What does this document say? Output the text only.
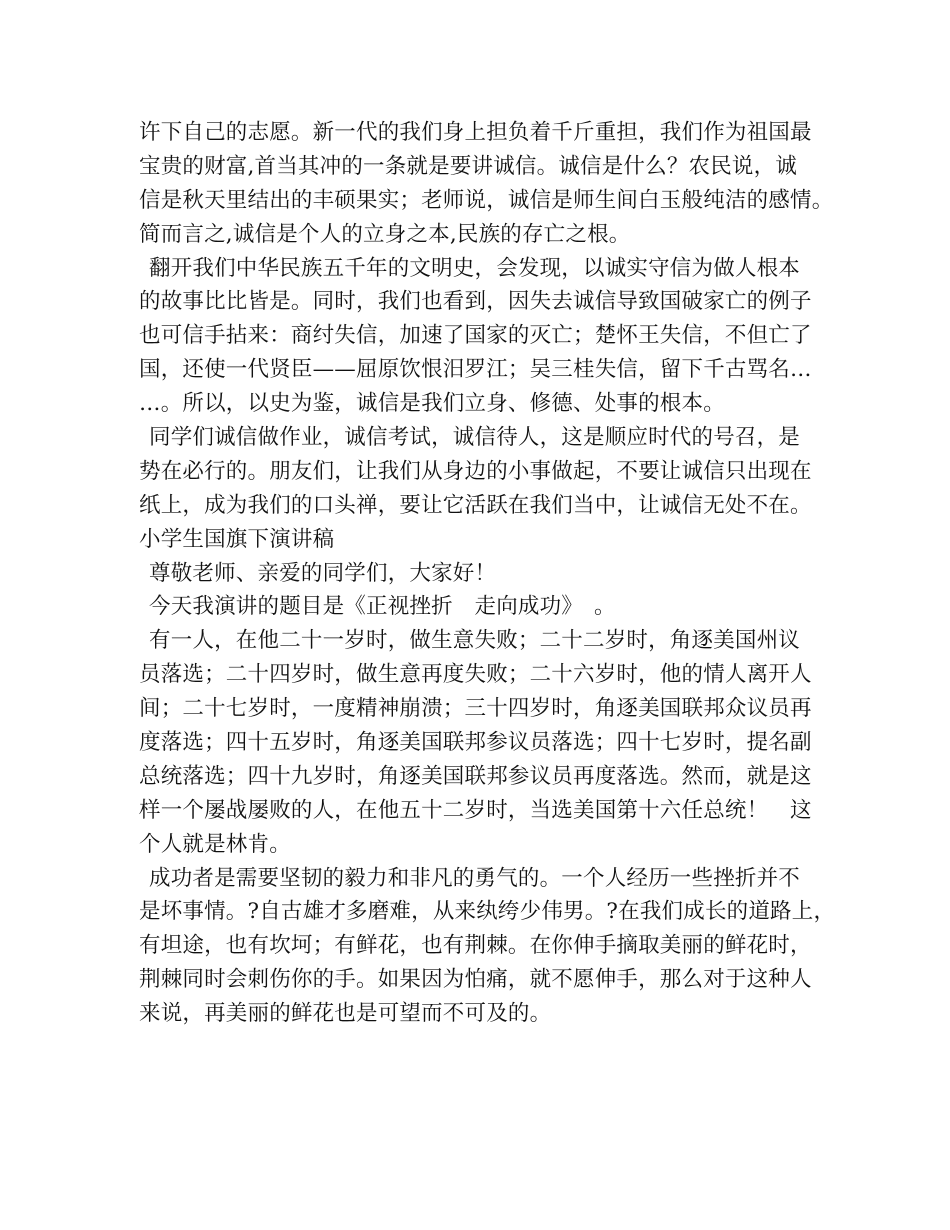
许下自己的志愿。新一代的我们身上担负着千斤重担，我们作为祖国最
宝贵的财富,首当其冲的一条就是要讲诚信。诚信是什么？农民说，诚
信是秋天里结出的丰硕果实；老师说，诚信是师生间白玉般纯洁的感情。
简而言之,诚信是个人的立身之本,民族的存亡之根。
翻开我们中华民族五千年的文明史，会发现，以诚实守信为做人根本
的故事比比皆是。同时，我们也看到，因失去诚信导致国破家亡的例子
也可信手拈来：商纣失信，加速了国家的灭亡；楚怀王失信，不但亡了
国，还使一代贤臣——屈原饮恨汨罗江；吴三桂失信，留下千古骂名…
…。所以，以史为鉴，诚信是我们立身、修德、处事的根本。
同学们诚信做作业，诚信考试，诚信待人，这是顺应时代的号召，是
势在必行的。朋友们，让我们从身边的小事做起，不要让诚信只出现在
纸上，成为我们的口头禅，要让它活跃在我们当中，让诚信无处不在。
小学生国旗下演讲稿
尊敬老师、亲爱的同学们，大家好！
今天我演讲的题目是《正视挫折　走向成功》　。
有一人，在他二十一岁时，做生意失败；二十二岁时，角逐美国州议
员落选；二十四岁时，做生意再度失败；二十六岁时，他的情人离开人
间；二十七岁时，一度精神崩溃；三十四岁时，角逐美国联邦众议员再
度落选；四十五岁时，角逐美国联邦参议员落选；四十七岁时，提名副
总统落选；四十九岁时，角逐美国联邦参议员再度落选。然而，就是这
样一个屡战屡败的人，在他五十二岁时，当选美国第十六任总统！　这
个人就是林肯。
成功者是需要坚韧的毅力和非凡的勇气的。一个人经历一些挫折并不
是坏事情。?自古雄才多磨难，从来纨绔少伟男。?在我们成长的道路上，
有坦途，也有坎坷；有鲜花，也有荆棘。在你伸手摘取美丽的鲜花时，
荆棘同时会刺伤你的手。如果因为怕痛，就不愿伸手，那么对于这种人
来说，再美丽的鲜花也是可望而不可及的。
